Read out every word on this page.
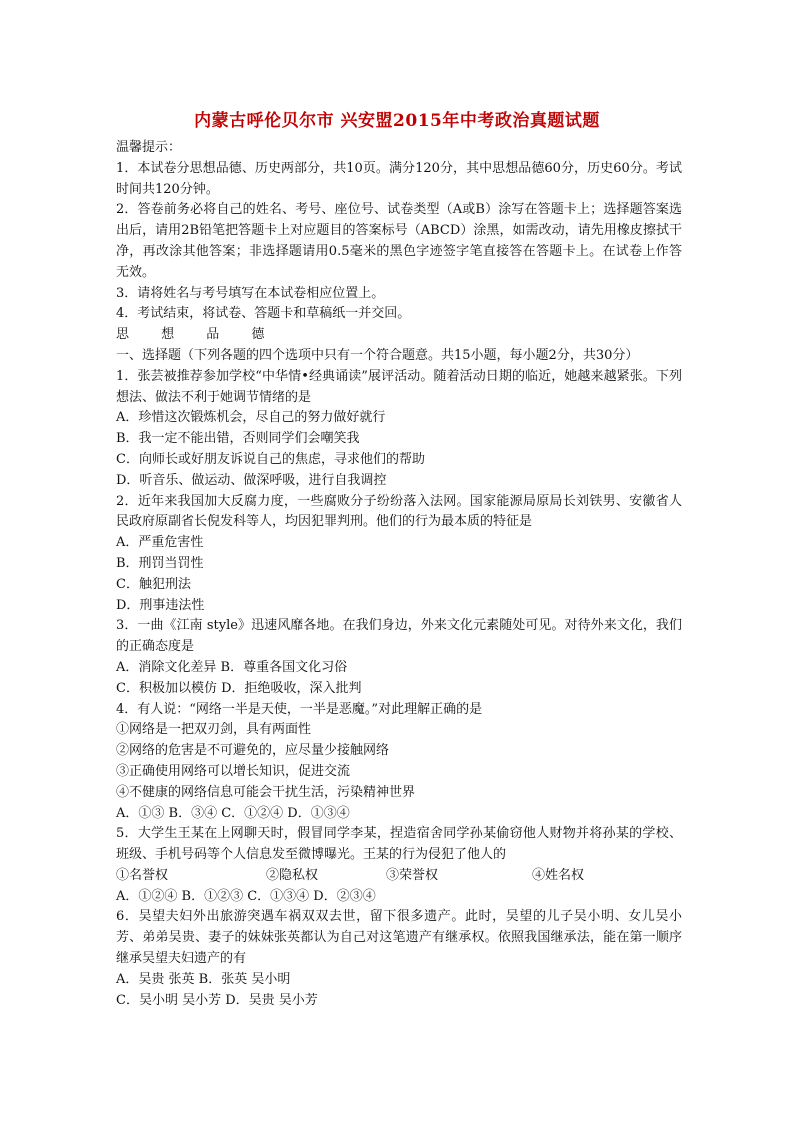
内蒙古呼伦贝尔市 兴安盟2015年中考政治真题试题
温馨提示：
1．本试卷分思想品德、历史两部分，共10页。满分120分，其中思想品德60分，历史60分。考试时间共120分钟。
2．答卷前务必将自己的姓名、考号、座位号、试卷类型（A或B）涂写在答题卡上；选择题答案选出后，请用2B铅笔把答题卡上对应题目的答案标号（ABCD）涂黑，如需改动，请先用橡皮擦拭干净，再改涂其他答案；非选择题请用0.5毫米的黑色字迹签字笔直接答在答题卡上。在试卷上作答无效。
3．请将姓名与考号填写在本试卷相应位置上。
4．考试结束，将试卷、答题卡和草稿纸一并交回。
思 想 品 德
一、选择题（下列各题的四个选项中只有一个符合题意。共15小题，每小题2分，共30分）
1．张芸被推荐参加学校“中华情•经典诵读”展评活动。随着活动日期的临近，她越来越紧张。下列想法、做法不利于她调节情绪的是
A．珍惜这次锻炼机会，尽自己的努力做好就行
B．我一定不能出错，否则同学们会嘲笑我
C．向师长或好朋友诉说自己的焦虑，寻求他们的帮助
D．听音乐、做运动、做深呼吸，进行自我调控
2．近年来我国加大反腐力度，一些腐败分子纷纷落入法网。国家能源局原局长刘铁男、安徽省人民政府原副省长倪发科等人，均因犯罪判刑。他们的行为最本质的特征是
A．严重危害性
B．刑罚当罚性
C．触犯刑法
D．刑事违法性
3．一曲《江南 style》迅速风靡各地。在我们身边，外来文化元素随处可见。对待外来文化，我们的正确态度是
A．消除文化差异 B．尊重各国文化习俗
C．积极加以模仿 D．拒绝吸收，深入批判
4．有人说：“网络一半是天使，一半是恶魔。”对此理解正确的是
①网络是一把双刃剑，具有两面性
②网络的危害是不可避免的，应尽量少接触网络
③正确使用网络可以增长知识，促进交流
④不健康的网络信息可能会干扰生活，污染精神世界
A．①③ B．③④ C．①②④ D．①③④
5．大学生王某在上网聊天时，假冒同学李某，捏造宿舍同学孙某偷窃他人财物并将孙某的学校、班级、手机号码等个人信息发至微博曝光。王某的行为侵犯了他人的
①名誉权	②隐私权	③荣誉权	④姓名权
A．①②④ B．①②③ C．①③④ D．②③④
6．吴望夫妇外出旅游突遇车祸双双去世，留下很多遗产。此时，吴望的儿子吴小明、女儿吴小芳、弟弟吴贵、妻子的妹妹张英都认为自己对这笔遗产有继承权。依照我国继承法，能在第一顺序继承吴望夫妇遗产的有
A．吴贵 张英 B．张英 吴小明
C．吴小明 吴小芳 D．吴贵 吴小芳
